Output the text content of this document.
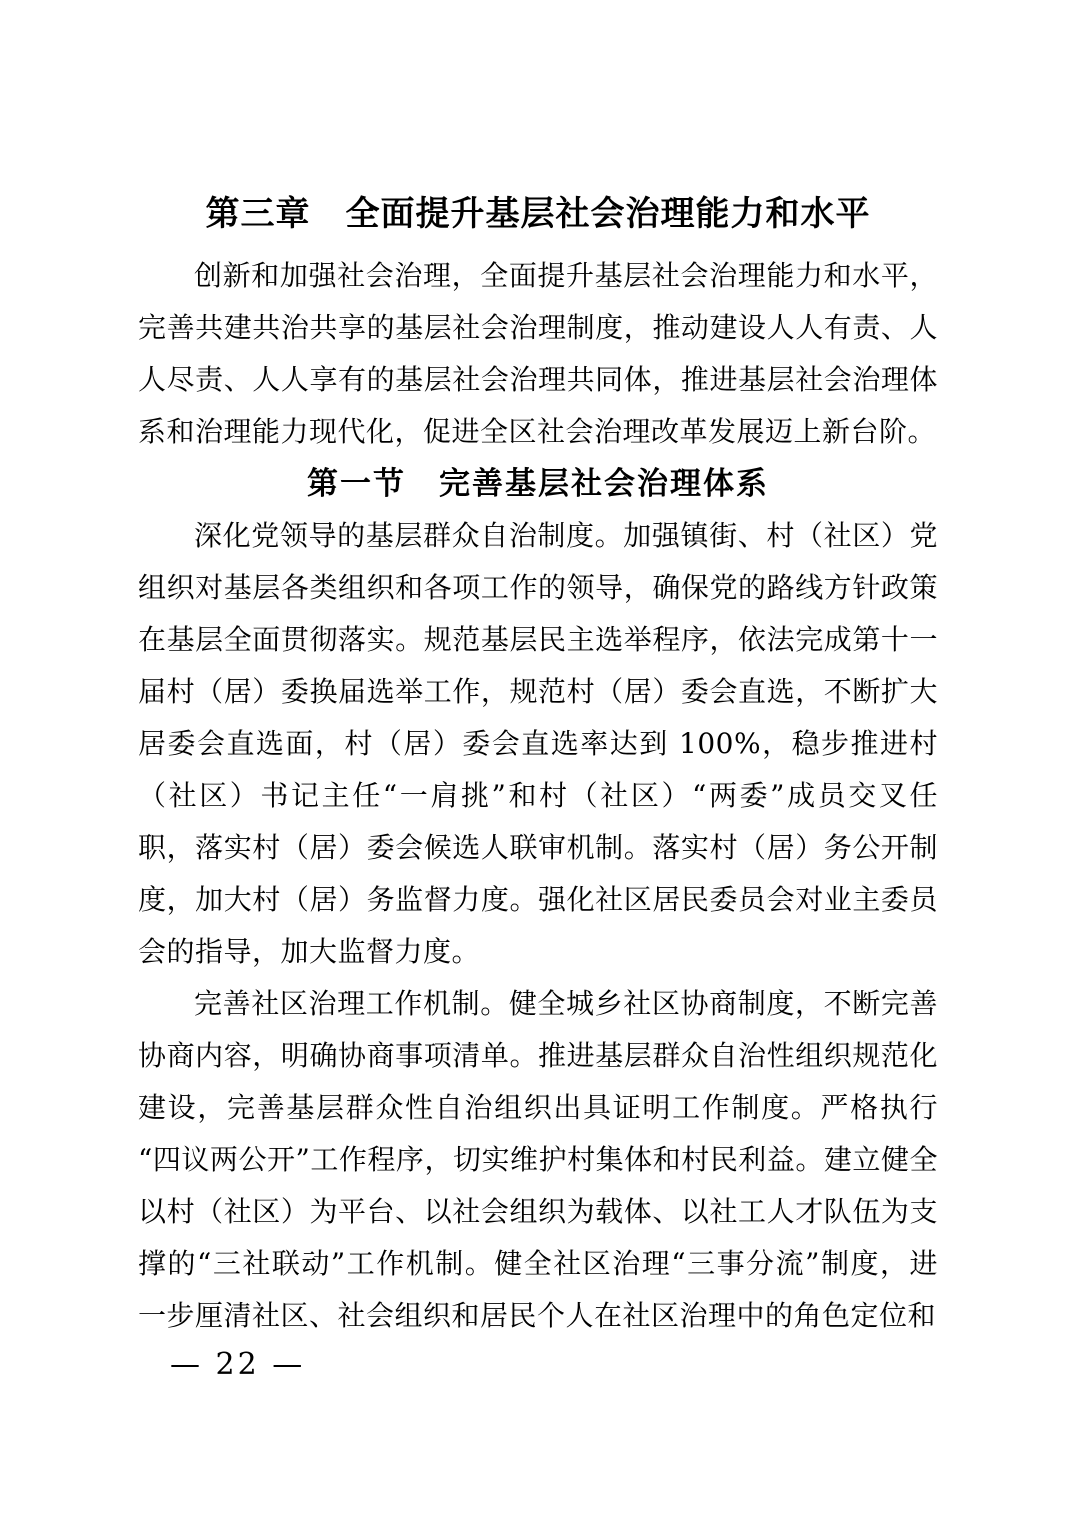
第三章　全面提升基层社会治理能力和水平

创新和加强社会治理，全面提升基层社会治理能力和水平，完善共建共治共享的基层社会治理制度，推动建设人人有责、人人尽责、人人享有的基层社会治理共同体，推进基层社会治理体系和治理能力现代化，促进全区社会治理改革发展迈上新台阶。

第一节　完善基层社会治理体系

深化党领导的基层群众自治制度。加强镇街、村（社区）党组织对基层各类组织和各项工作的领导，确保党的路线方针政策在基层全面贯彻落实。规范基层民主选举程序，依法完成第十一届村（居）委换届选举工作，规范村（居）委会直选，不断扩大居委会直选面，村（居）委会直选率达到 100%，稳步推进村（社区）书记主任“一肩挑”和村（社区）“两委”成员交叉任职，落实村（居）委会候选人联审机制。落实村（居）务公开制度，加大村（居）务监督力度。强化社区居民委员会对业主委员会的指导，加大监督力度。

完善社区治理工作机制。健全城乡社区协商制度，不断完善协商内容，明确协商事项清单。推进基层群众自治性组织规范化建设，完善基层群众性自治组织出具证明工作制度。严格执行“四议两公开”工作程序，切实维护村集体和村民利益。建立健全以村（社区）为平台、以社会组织为载体、以社工人才队伍为支撑的“三社联动”工作机制。健全社区治理“三事分流”制度，进一步厘清社区、社会组织和居民个人在社区治理中的角色定位和

— 22 —
